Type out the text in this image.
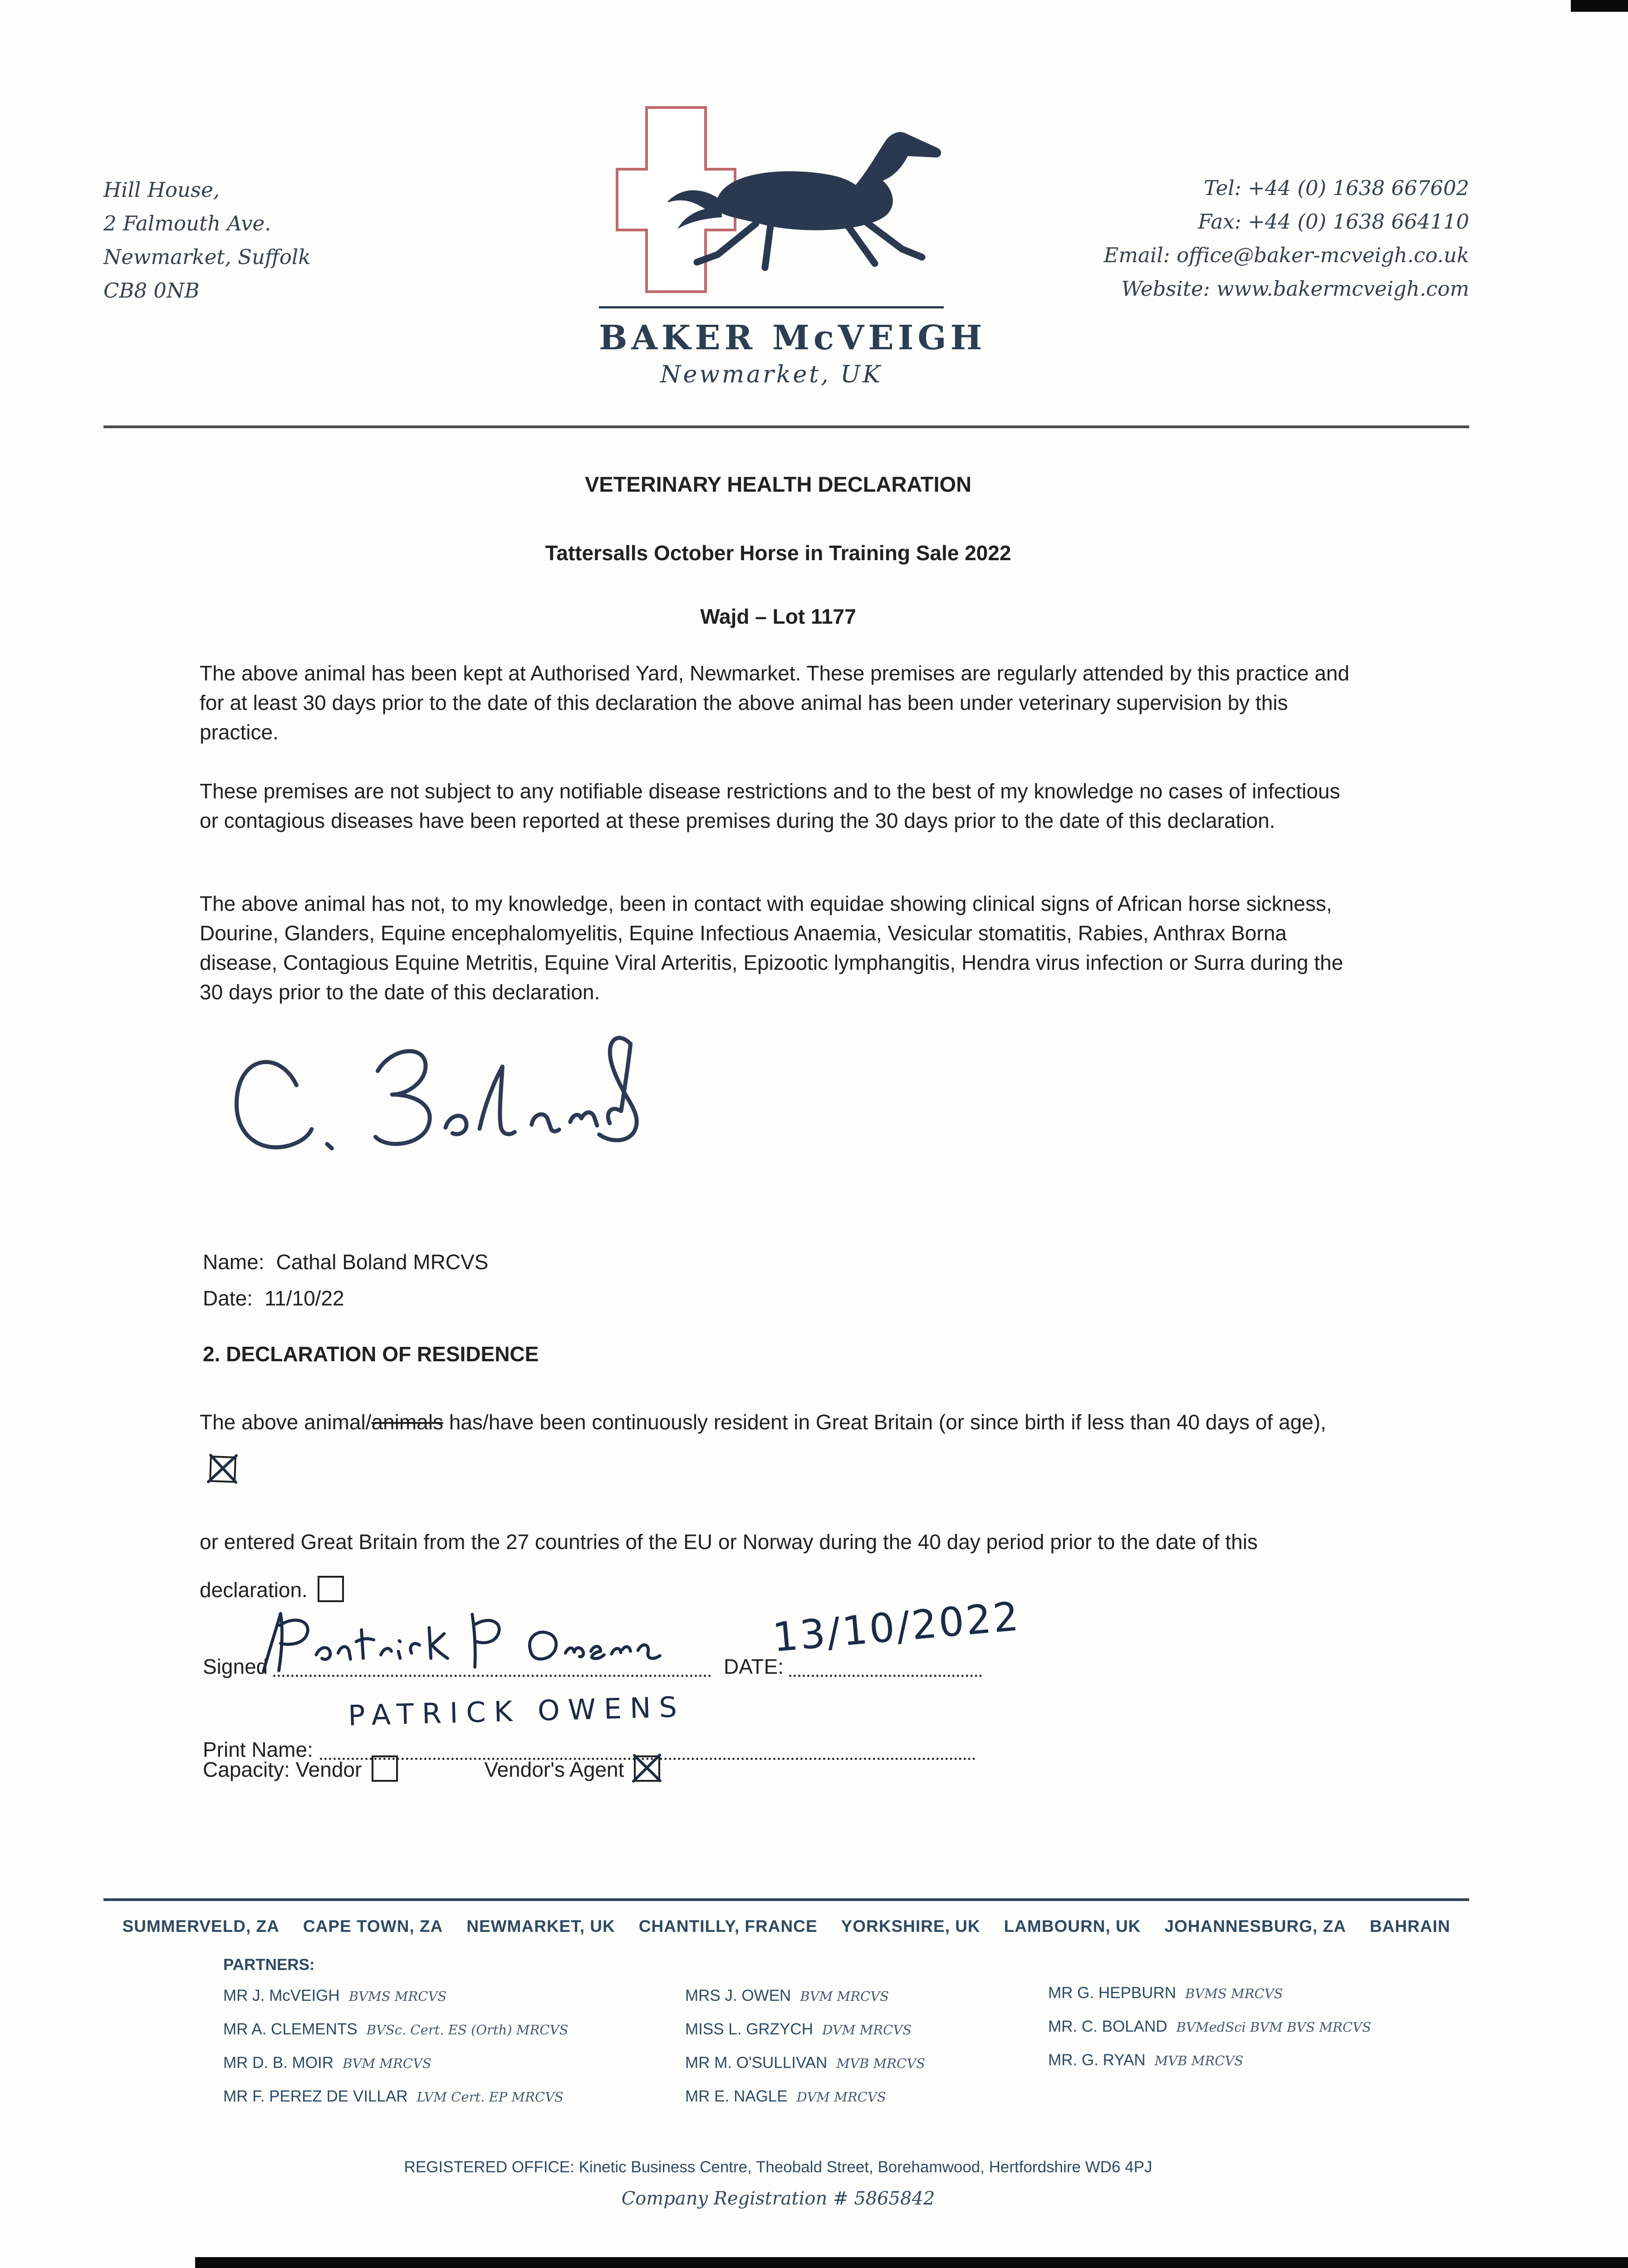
Hill House,
2 Falmouth Ave.
Newmarket, Suffolk
CB8 0NB
BAKER McVEIGH
Newmarket, UK
Tel: +44 (0) 1638 667602
Fax: +44 (0) 1638 664110
Email: office@baker-mcveigh.co.uk
Website: www.bakermcveigh.com
VETERINARY HEALTH DECLARATION
Tattersalls October Horse in Training Sale 2022
Wajd – Lot 1177

The above animal has been kept at Authorised Yard, Newmarket. These premises are regularly attended by this practice and for at least 30 days prior to the date of this declaration the above animal has been under veterinary supervision by this practice.

These premises are not subject to any notifiable disease restrictions and to the best of my knowledge no cases of infectious or contagious diseases have been reported at these premises during the 30 days prior to the date of this declaration.

The above animal has not, to my knowledge, been in contact with equidae showing clinical signs of African horse sickness, Dourine, Glanders, Equine encephalomyelitis, Equine Infectious Anaemia, Vesicular stomatitis, Rabies, Anthrax Borna disease, Contagious Equine Metritis, Equine Viral Arteritis, Epizootic lymphangitis, Hendra virus infection or Surra during the 30 days prior to the date of this declaration.

Name: Cathal Boland MRCVS
Date: 11/10/22
2. DECLARATION OF RESIDENCE

The above animal/animals has/have been continuously resident in Great Britain (or since birth if less than 40 days of age),

or entered Great Britain from the 27 countries of the EU or Norway during the 40 day period prior to the date of this declaration.

Signed	DATE:
13/10/2022
Print Name:
PATRICK OWENS
Capacity: Vendor	Vendor's Agent
SUMMERVELD, ZA CAPE TOWN, ZA NEWMARKET, UK CHANTILLY, FRANCE YORKSHIRE, UK LAMBOURN, UK JOHANNESBURG, ZA BAHRAIN
PARTNERS:
MR J. McVEIGH BVMS MRCVS
MR A. CLEMENTS BVSc. Cert. ES (Orth) MRCVS
MR D. B. MOIR BVM MRCVS
MR F. PEREZ DE VILLAR LVM Cert. EP MRCVS
MRS J. OWEN BVM MRCVS
MISS L. GRZYCH DVM MRCVS
MR M. O'SULLIVAN MVB MRCVS
MR E. NAGLE DVM MRCVS
MR G. HEPBURN BVMS MRCVS
MR. C. BOLAND BVMedSci BVM BVS MRCVS
MR. G. RYAN MVB MRCVS
REGISTERED OFFICE: Kinetic Business Centre, Theobald Street, Borehamwood, Hertfordshire WD6 4PJ
Company Registration # 5865842
